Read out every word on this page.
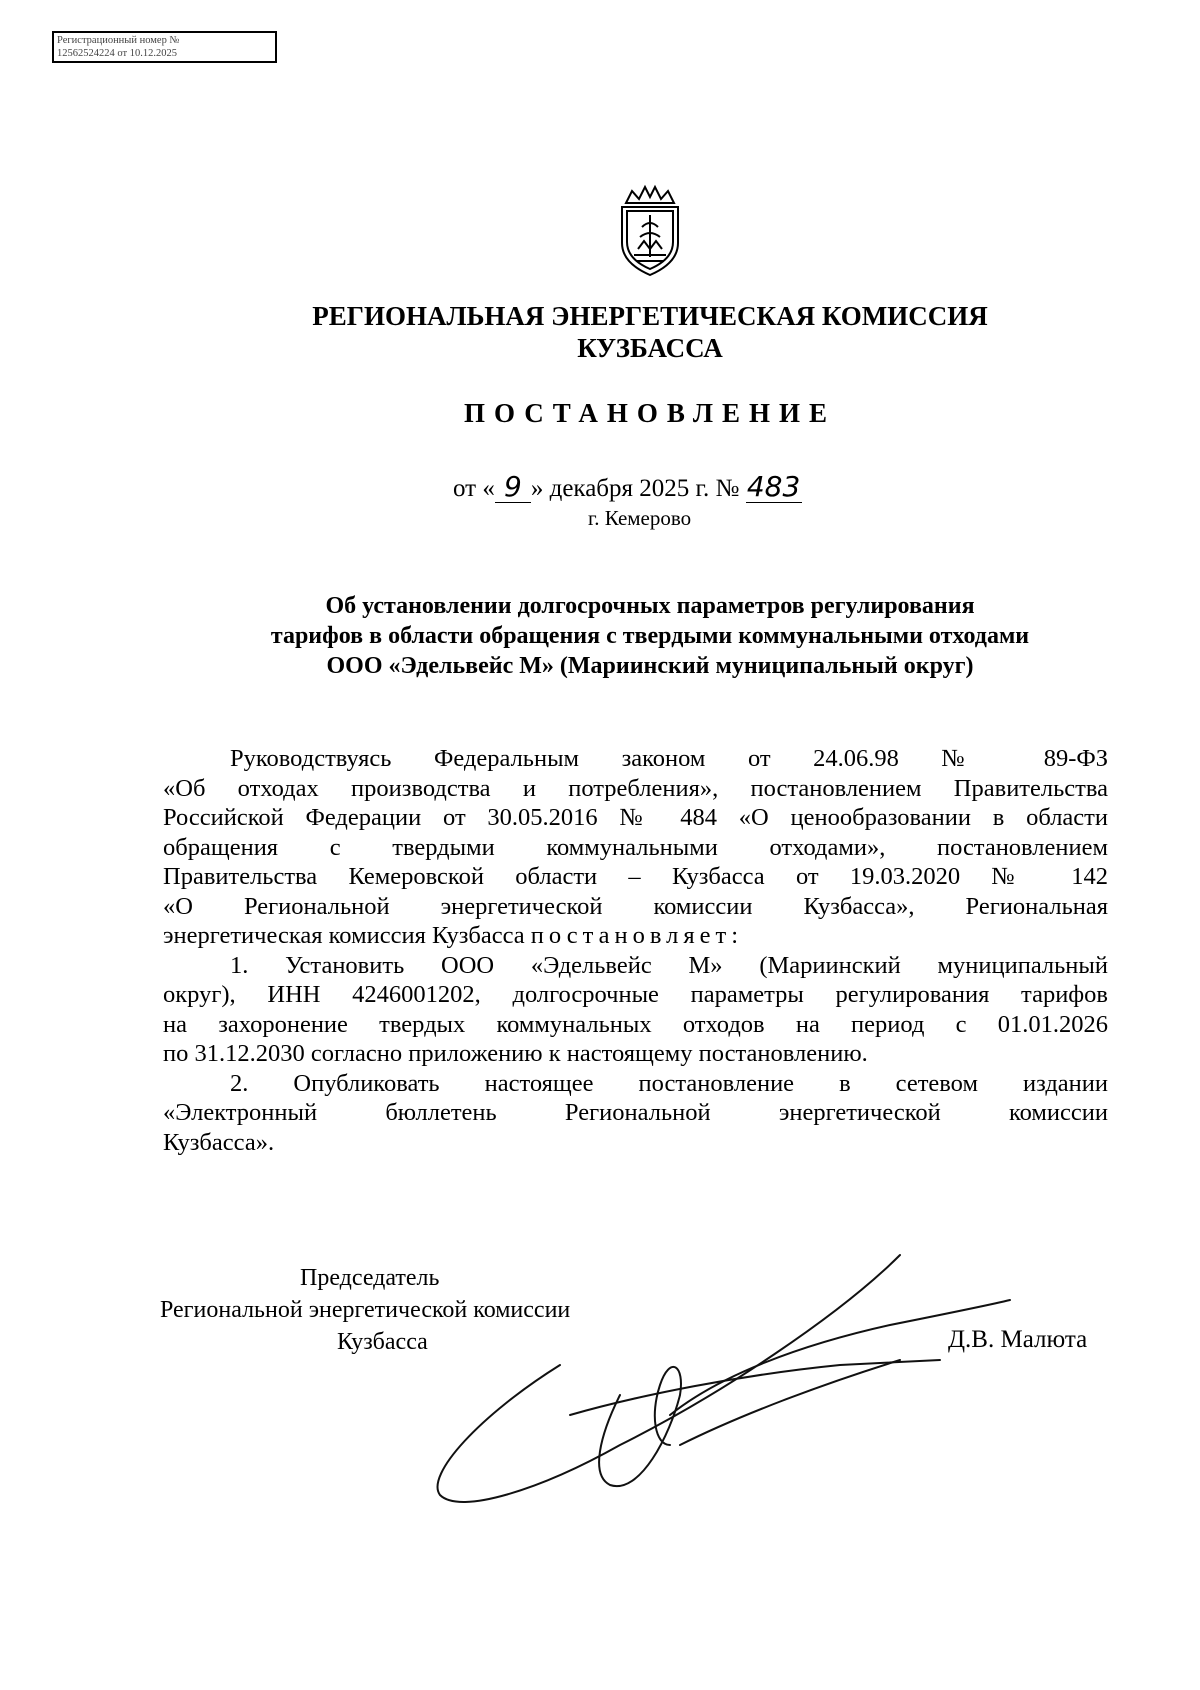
Регистрационный номер №
12562524224 от 10.12.2025
РЕГИОНАЛЬНАЯ ЭНЕРГЕТИЧЕСКАЯ КОМИССИЯ
КУЗБАССА
ПОСТАНОВЛЕНИЕ
от « 9 » декабря 2025 г. № 483
г. Кемерово
Об установлении долгосрочных параметров регулирования
тарифов в области обращения с твердыми коммунальными отходами
ООО «Эдельвейс М» (Мариинский муниципальный округ)

Руководствуясь Федеральным законом от 24.06.98 № 89-ФЗ

«Об отходах производства и потребления», постановлением Правительства

Российской Федерации от 30.05.2016 № 484 «О ценообразовании в области

обращения с твердыми коммунальными отходами», постановлением

Правительства Кемеровской области – Кузбасса от 19.03.2020 № 142

«О Региональной энергетической комиссии Кузбасса», Региональная

энергетическая комиссия Кузбасса постановляет:

1. Установить ООО «Эдельвейс М» (Мариинский муниципальный

округ), ИНН 4246001202, долгосрочные параметры регулирования тарифов

на захоронение твердых коммунальных отходов на период с 01.01.2026

по 31.12.2030 согласно приложению к настоящему постановлению.

2. Опубликовать настоящее постановление в сетевом издании

«Электронный бюллетень Региональной энергетической комиссии

Кузбасса».

Председатель
Региональной энергетической комиссии
Кузбасса	Д.В. Малюта
